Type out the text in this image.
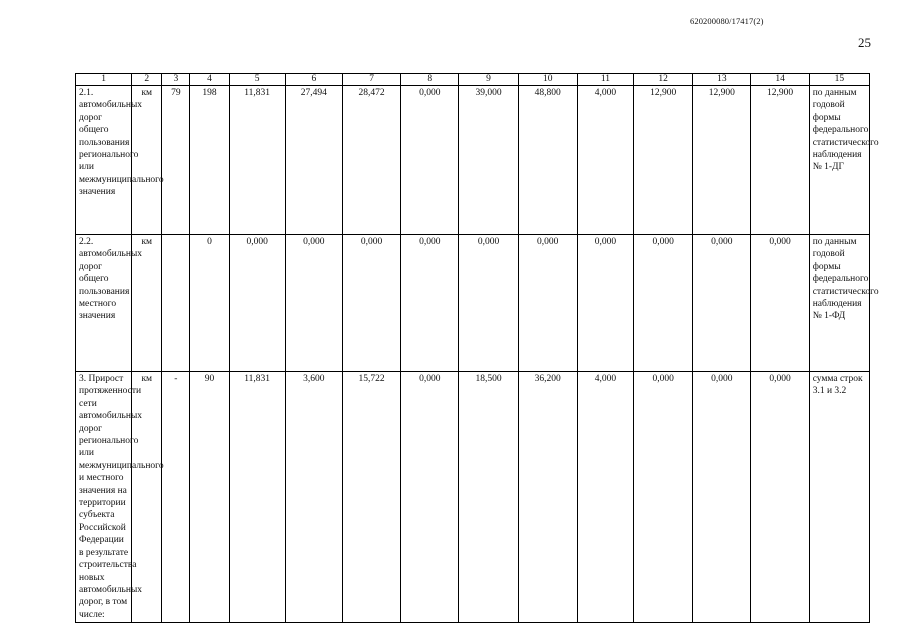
620200080/17417(2)
25
1	2	3	4	5	6	7	8	9	10	11	12	13	14	15
2.1. автомобильных дорог общего пользования регионального или межмуниципального значения	км	79	198	11,831	27,494	28,472	0,000	39,000	48,800	4,000	12,900	12,900	12,900	по данным годовой формы федерального статистического наблюдения № 1-ДГ
2.2. автомобильных дорог общего пользования местного значения	км		0	0,000	0,000	0,000	0,000	0,000	0,000	0,000	0,000	0,000	0,000	по данным годовой формы федерального статистического наблюдения № 1-ФД
3. Прирост протяженности сети автомобильных дорог регионального или межмуниципального и местного значения на территории субъекта Российской Федерации в результате строительства новых автомобильных дорог, в том числе:	км	-	90	11,831	3,600	15,722	0,000	18,500	36,200	4,000	0,000	0,000	0,000	сумма строк 3.1 и 3.2
